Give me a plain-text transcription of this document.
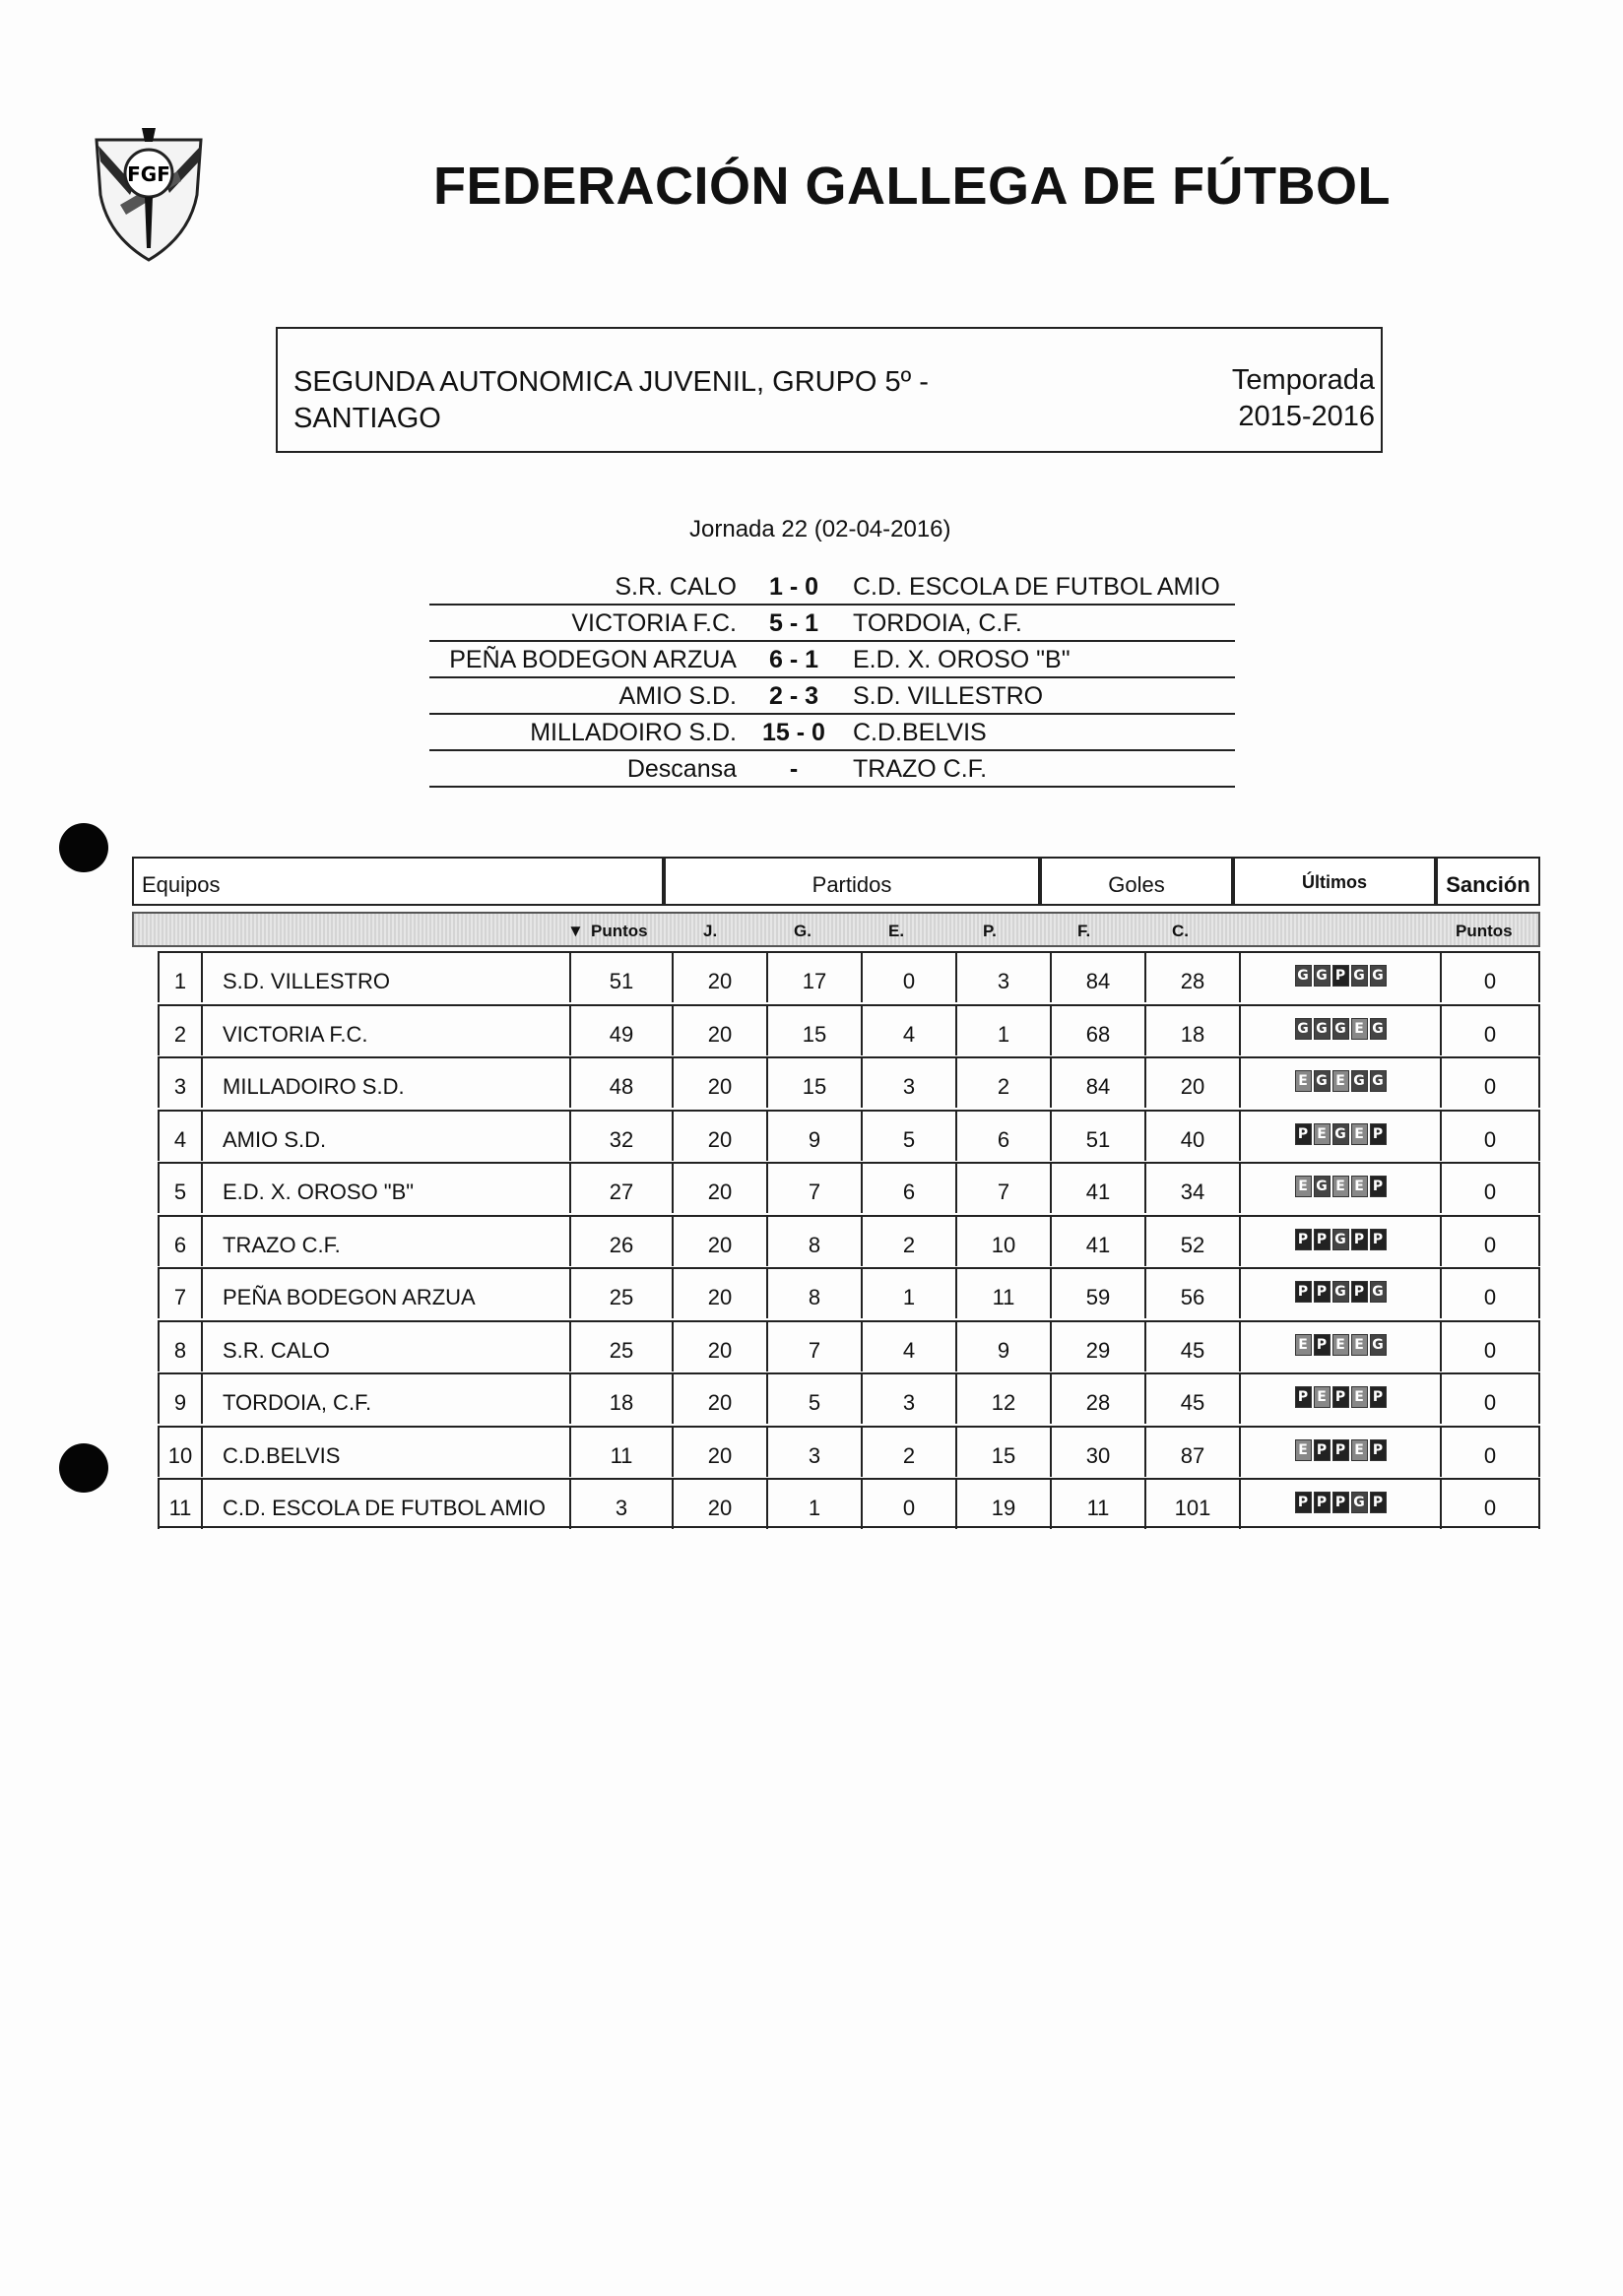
FGF	FEDERACIÓN GALLEGA DE FÚTBOL
SEGUNDA AUTONOMICA JUVENIL, GRUPO 5º - SANTIAGO
Temporada
2015-2016
Jornada 22 (02-04-2016)
S.R. CALO	1 - 0	C.D. ESCOLA DE FUTBOL AMIO
VICTORIA F.C.	5 - 1	TORDOIA, C.F.
PEÑA BODEGON ARZUA	6 - 1	E.D. X. OROSO "B"
AMIO S.D.	2 - 3	S.D. VILLESTRO
MILLADOIRO S.D.	15 - 0	C.D.BELVIS
Descansa	-	TRAZO C.F.
Equipos	Partidos	Goles	Últimos	Sanción
▼ Puntos	J.	G.	E.	P.	F.	C.	Puntos
1	S.D. VILLESTRO	51	20	17	0	3	84	28	G G P G G	0
2	VICTORIA F.C.	49	20	15	4	1	68	18	G G G E G	0
3	MILLADOIRO S.D.	48	20	15	3	2	84	20	E G E G G	0
4	AMIO S.D.	32	20	9	5	6	51	40	P E G E P	0
5	E.D. X. OROSO "B"	27	20	7	6	7	41	34	E G E E P	0
6	TRAZO C.F.	26	20	8	2	10	41	52	P P G P P	0
7	PEÑA BODEGON ARZUA	25	20	8	1	11	59	56	P P G P G	0
8	S.R. CALO	25	20	7	4	9	29	45	E P E E G	0
9	TORDOIA, C.F.	18	20	5	3	12	28	45	P E P E P	0
10	C.D.BELVIS	11	20	3	2	15	30	87	E P P E P	0
11	C.D. ESCOLA DE FUTBOL AMIO	3	20	1	0	19	11	101	P P P G P	0
